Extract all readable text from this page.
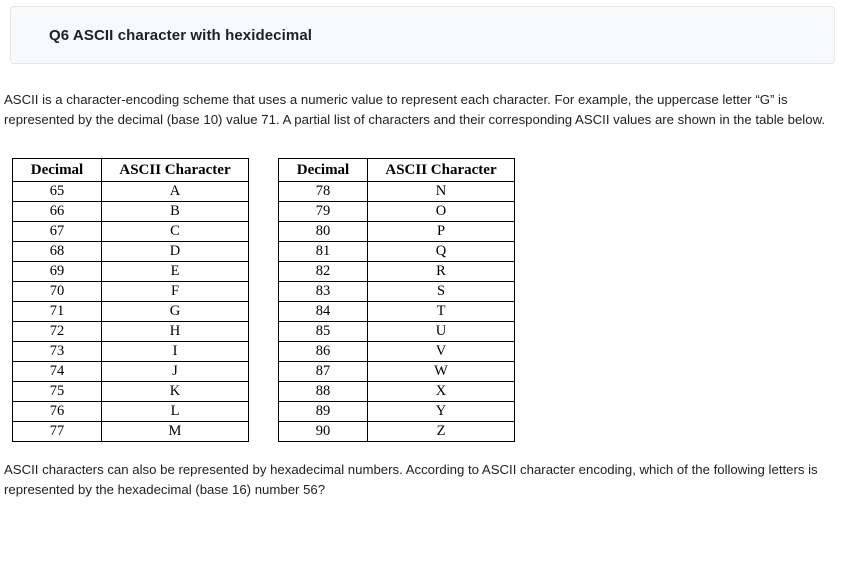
Q6 ASCII character with hexidecimal

ASCII is a character-encoding scheme that uses a numeric value to represent each character. For example, the uppercase letter “G” is represented by the decimal (base 10) value 71. A partial list of characters and their corresponding ASCII values are shown in the table below.

Decimal	ASCII Character
65	A
66	B
67	C
68	D
69	E
70	F
71	G
72	H
73	I
74	J
75	K
76	L
77	M
Decimal	ASCII Character
78	N
79	O
80	P
81	Q
82	R
83	S
84	T
85	U
86	V
87	W
88	X
89	Y
90	Z

ASCII characters can also be represented by hexadecimal numbers. According to ASCII character encoding, which of the following letters is represented by the hexadecimal (base 16) number 56?
